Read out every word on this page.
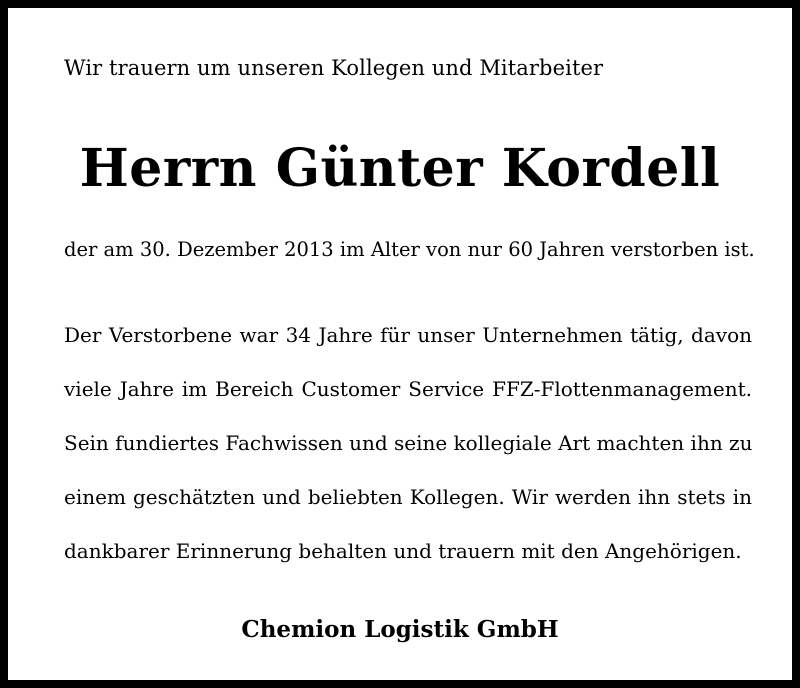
Wir trauern um unseren Kollegen und Mitarbeiter
Herrn Günter Kordell
der am 30. Dezember 2013 im Alter von nur 60 Jahren verstorben ist.
Der Verstorbene war 34 Jahre für unser Unternehmen tätig, davon
viele Jahre im Bereich Customer Service FFZ-Flottenmanagement.
Sein fundiertes Fachwissen und seine kollegiale Art machten ihn zu
einem geschätzten und beliebten Kollegen. Wir werden ihn stets in
dankbarer Erinnerung behalten und trauern mit den Angehörigen.
Chemion Logistik GmbH
